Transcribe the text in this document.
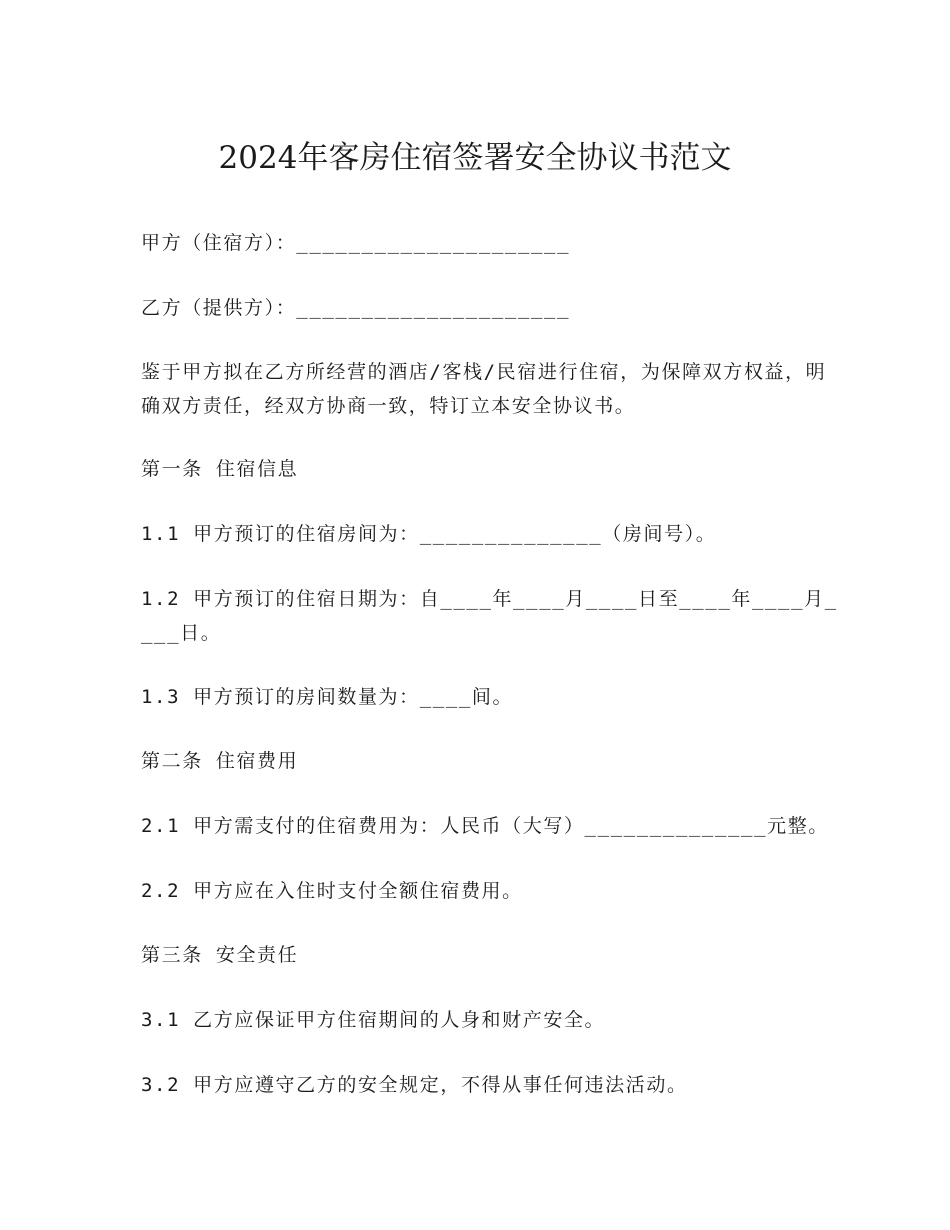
2024年客房住宿签署安全协议书范文

甲方（住宿方）：_____________________

乙方（提供方）：_____________________

鉴于甲方拟在乙方所经营的酒店/客栈/民宿进行住宿，为保障双方权益，明确双方责任，经双方协商一致，特订立本安全协议书。

第一条 住宿信息

1.1 甲方预订的住宿房间为：______________（房间号）。

1.2 甲方预订的住宿日期为：自____年____月____日至____年____月____日。

1.3 甲方预订的房间数量为：____间。

第二条 住宿费用

2.1 甲方需支付的住宿费用为：人民币（大写）______________元整。

2.2 甲方应在入住时支付全额住宿费用。

第三条 安全责任

3.1 乙方应保证甲方住宿期间的人身和财产安全。

3.2 甲方应遵守乙方的安全规定，不得从事任何违法活动。
